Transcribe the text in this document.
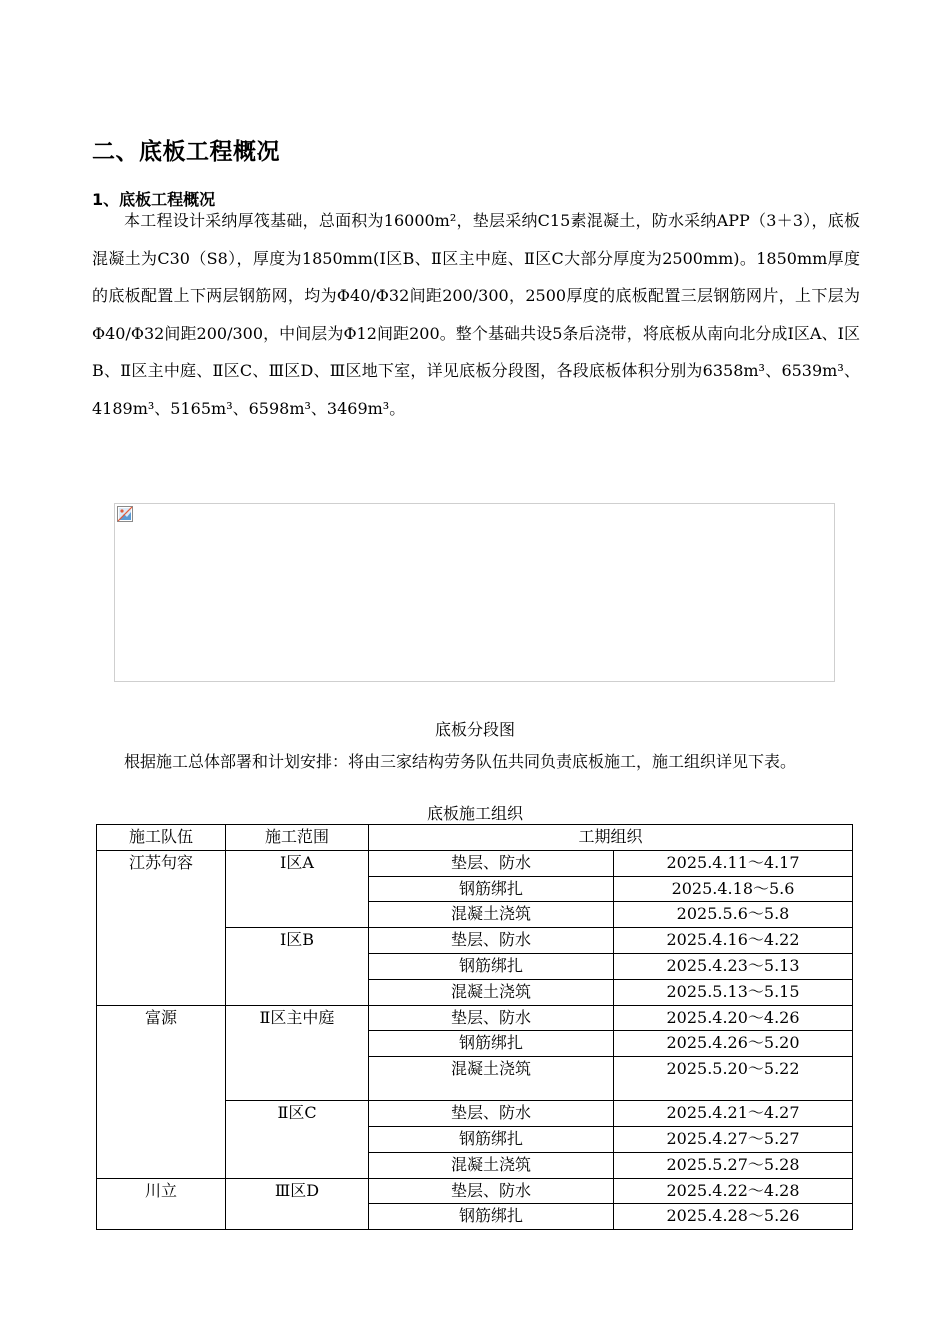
二、底板工程概况
1、底板工程概况
本工程设计采纳厚筏基础，总面积为16000m²，垫层采纳C15素混凝土，防水采纳APP（3＋3），底板混凝土为C30（S8），厚度为1850mm(Ⅰ区B、Ⅱ区主中庭、Ⅱ区C大部分厚度为2500mm)。1850mm厚度的底板配置上下两层钢筋网，均为Φ40/Φ32间距200/300，2500厚度的底板配置三层钢筋网片，上下层为Φ40/Φ32间距200/300，中间层为Φ12间距200。整个基础共设5条后浇带，将底板从南向北分成Ⅰ区A、Ⅰ区B、Ⅱ区主中庭、Ⅱ区C、Ⅲ区D、Ⅲ区地下室，详见底板分段图，各段底板体积分别为6358m³、6539m³、4189m³、5165m³、6598m³、3469m³。
底板分段图
根据施工总体部署和计划安排：将由三家结构劳务队伍共同负责底板施工，施工组织详见下表。
底板施工组织
施工队伍	施工范围	工期组织	
江苏句容	Ⅰ区A	垫层、防水	2025.4.11～4.17
		钢筋绑扎	2025.4.18～5.6
		混凝土浇筑	2025.5.6～5.8
	Ⅰ区B	垫层、防水	2025.4.16～4.22
		钢筋绑扎	2025.4.23～5.13
		混凝土浇筑	2025.5.13～5.15
富源	Ⅱ区主中庭	垫层、防水	2025.4.20～4.26
		钢筋绑扎	2025.4.26～5.20
		混凝土浇筑	2025.5.20～5.22
	Ⅱ区C	垫层、防水	2025.4.21～4.27
		钢筋绑扎	2025.4.27～5.27
		混凝土浇筑	2025.5.27～5.28
川立	Ⅲ区D	垫层、防水	2025.4.22～4.28
		钢筋绑扎	2025.4.28～5.26
